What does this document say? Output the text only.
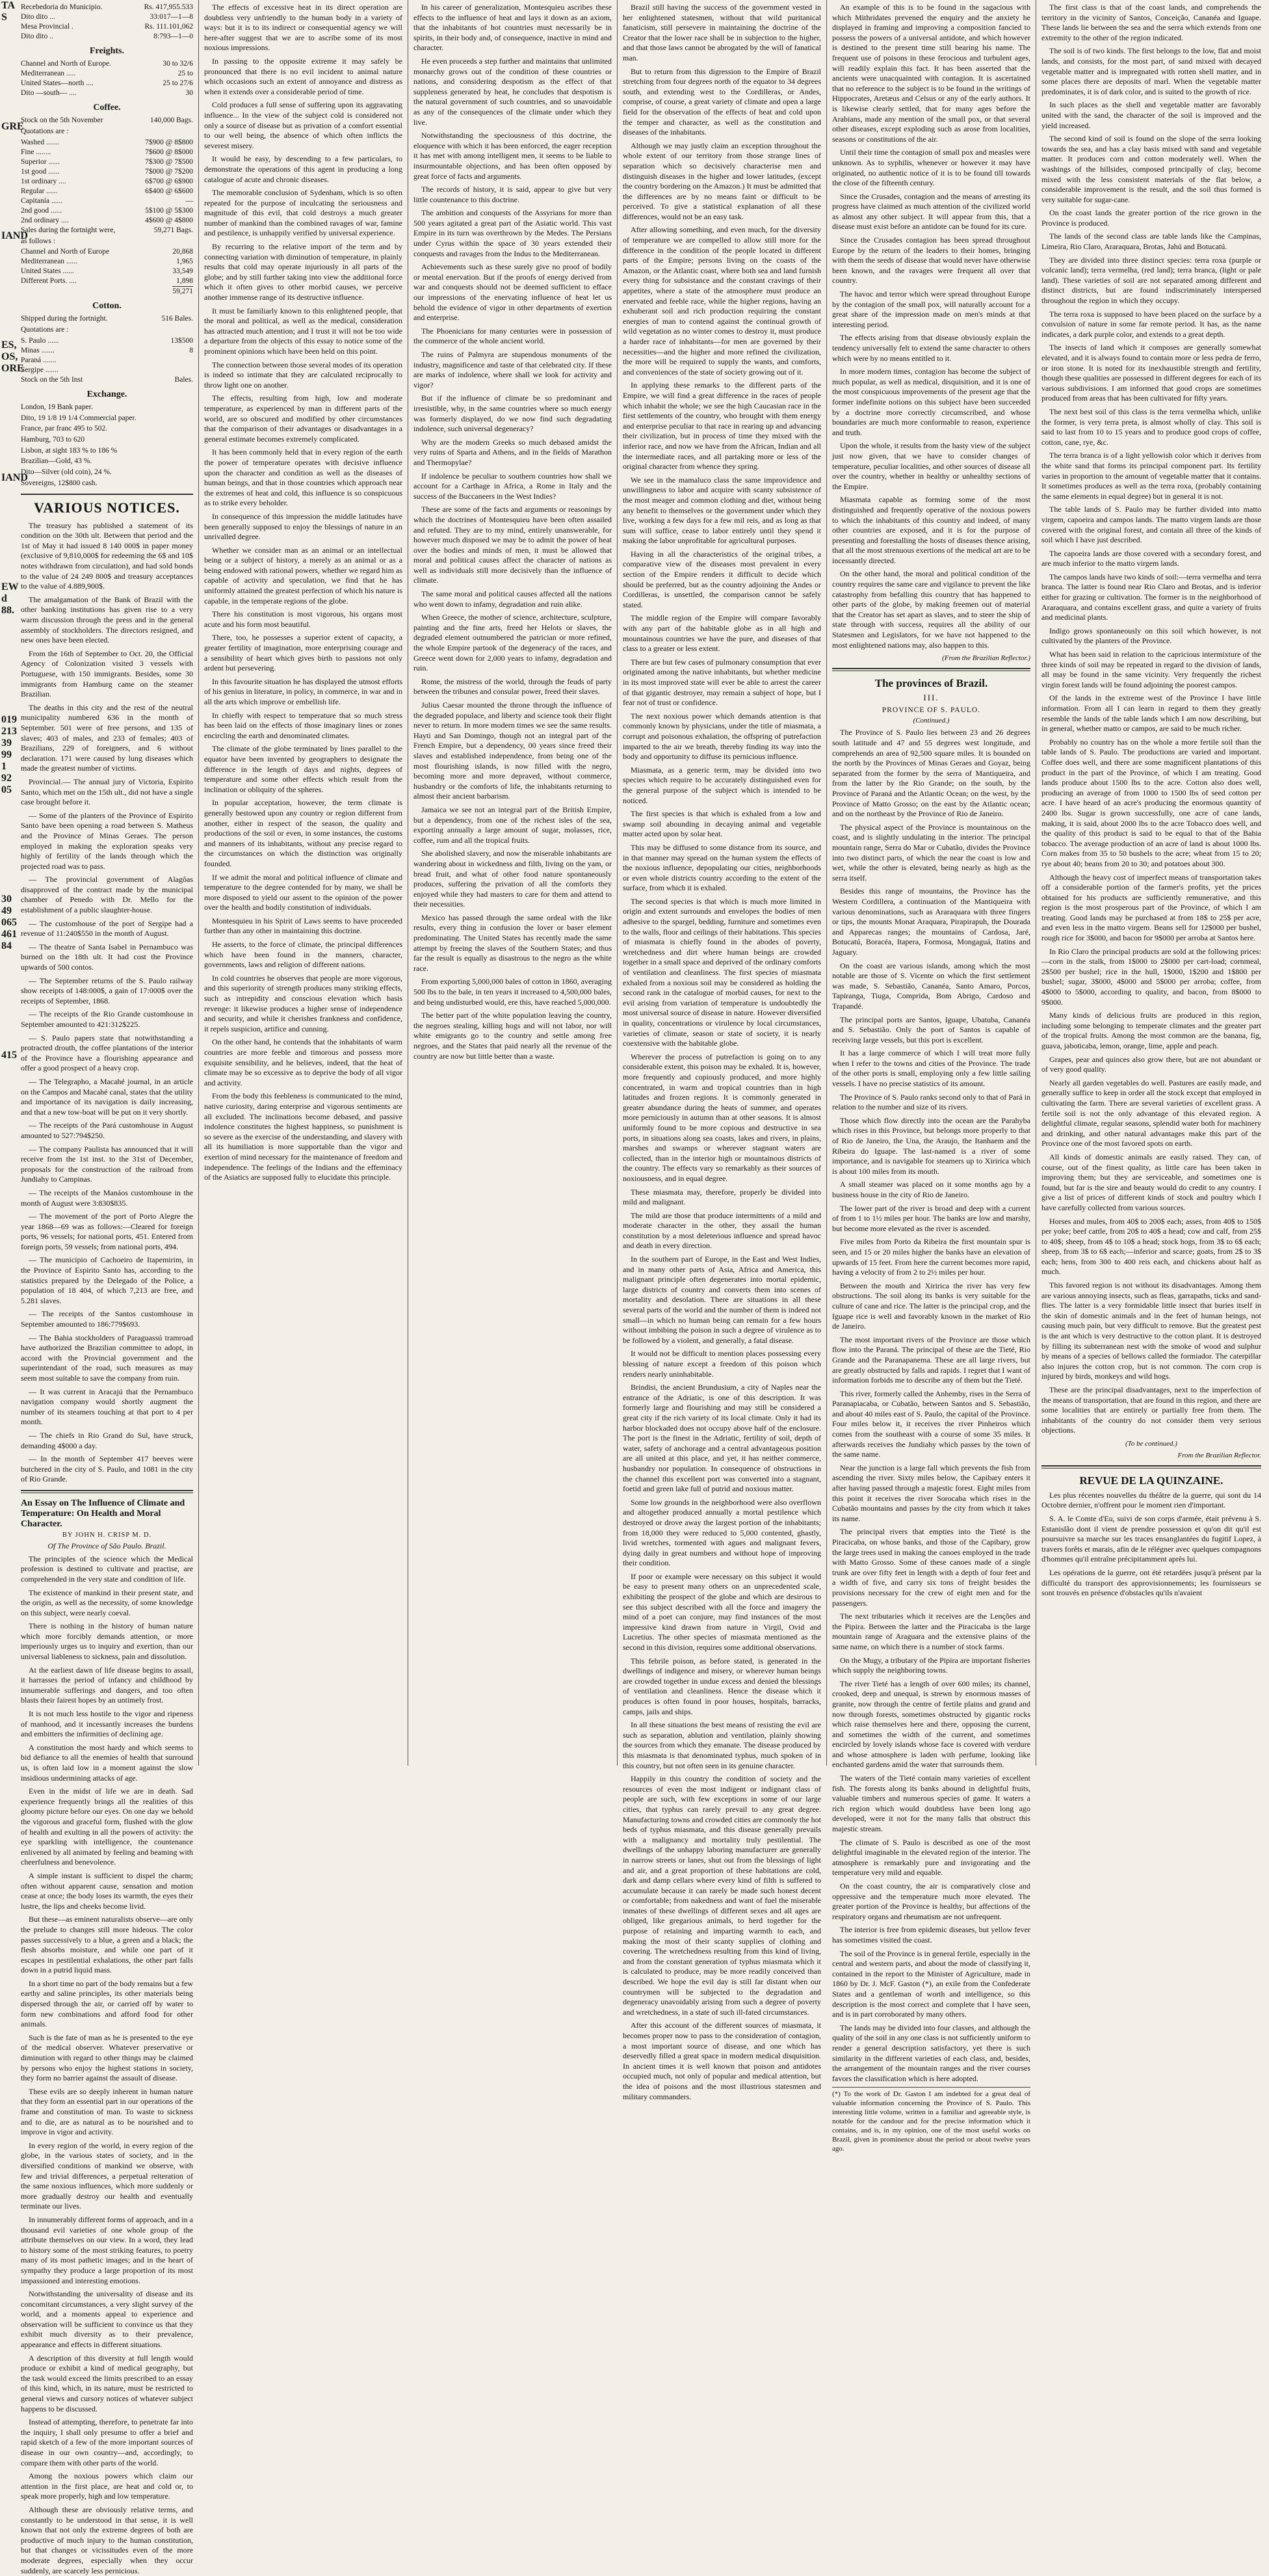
TA
S
GRE
IAND
ES,
OS,
ORE
IAND
EW
d
88.
019
213
39
99
1
92
05
30
49
065
461
84
415
Recebedoria do Municipio.	Rs. 417,955.533
Dito dito ...	33:017—1—8
Mesa Provincial .	Rs. 111.101,062
Dito dito ..	8:793—1—0
Freights.
Channel and North of Europe.	30 to 32/6
Mediterranean .....	25 to
United States—north ....	25 to 27/6
Dito —south— ....	30
Coffee.
Stock on the 5th November	140,000 Bags.
Quotations are :
Washed .......	7$900 @ 8$800
Fine ........	7$600 @ 8$000
Superior ......	7$300 @ 7$500
1st good ......	7$000 @ 7$200
1st ordinary ....	6$700 @ 6$900
Regular ......	6$400 @ 6$600
Capitanía ......	—
2nd good ......	5$100 @ 5$300
2nd ordinary ....	4$600 @ 4$800
Sales during the fortnight were,	59,271 Bags.
as follows :
Channel and North of Europe	20,868
Mediterranean ......	1,965
United States ......	33,549
Different Ports. ....	1,898
59,271
Cotton.
Shipped during the fortnight.	516 Bales.
Quotations are :
S. Paulo ......	13$500
Minas .......	8
Paraná .......
Sergipe .......
Stock on the 5th Inst	Bales.
Exchange.
London, 19 Bank paper.
Dito, 19 1/8 19 1/4 Commercial paper.
France, par franc 495 to 502.
Hamburg, 703 to 620
Lisbon, at sight 183 % to 186 %
Brazilian—Gold, 43 %.
Dito—Silver (old coin), 24 %.
Sovereigns, 12$800 cash.
VARIOUS NOTICES.

The treasury has published a statement of its condition on the 30th ult. Between that period and the 1st of May it had issued 8 140 000$ in paper money (exclusive of 9,810,000$ for redeeming the 6$ and 10$ notes withdrawn from circulation), and had sold bonds to the value of 24 249 800$ and treasury acceptances to the value of 4.889,900$.

The amalgamation of the Bank of Brazil with the other banking institutions has given rise to a very warm discussion through the press and in the general assembly of stockholders. The directors resigned, and new ones have been elected.

From the 16th of September to Oct. 20, the Official Agency of Colonization visited 3 vessels with Portuguese, with 150 immigrants. Besides, some 30 immigrants from Hamburg came on the steamer Brazilian.

The deaths in this city and the rest of the neutral municipality numbered 636 in the month of September. 501 were of free persons, and 135 of slaves; 403 of males, and 233 of females; 403 of Brazilians, 229 of foreigners, and 6 without declaration. 171 were caused by lung diseases which made the greatest number of victims.

Provincial.— The annual jury of Victoria, Espirito Santo, which met on the 15th ult., did not have a single case brought before it.

— Some of the planters of the Province of Espirito Santo have been opening a road between S. Matheus and the Province of Minas Geraes. The person employed in making the exploration speaks very highly of fertility of the lands through which the projected road was to pass.

— The provincial government of Alagôas disapproved of the contract made by the municipal chamber of Penedo with Dr. Mello for the establishment of a public slaughter-house.

— The customhouse of the port of Sergipe had a revenue of 11:240$550 in the month of August.

— The theatre of Santa Isabel in Pernambuco was burned on the 18th ult. It had cost the Province upwards of 500 contos.

— The September returns of the S. Paulo railway show receipts of 148:000$, a gain of 17:000$ over the receipts of September, 1868.

— The receipts of the Rio Grande customhouse in September amounted to 421:312$225.

— S. Paulo papers state that notwithstanding a protracted drouth, the coffee plantations of the interior of the Province have a flourishing appearance and offer a good prospect of a heavy crop.

— The Telegrapho, a Macahé journal, in an article on the Campos and Macahé canal, states that the utility and importance of its navigation is daily increasing, and that a new tow-boat will be put on it very shortly.

— The receipts of the Pará customhouse in August amounted to 527:794$250.

— The company Paulista has announced that it will receive from the 1st inst. to the 31st of December, proposals for the construction of the railroad from Jundiahy to Campinas.

— The receipts of the Manáos customhouse in the month of August were 3:830$835.

— The movement of the port of Porto Alegre the year 1868—69 was as follows:—Cleared for foreign ports, 96 vessels; for national ports, 451. Entered from foreign ports, 59 vessels; from national ports, 494.

— The municipio of Cachoeiro de Itapemirim, in the Province of Espirito Santo has, according to the statistics prepared by the Delegado of the Police, a population of 18 404, of which 7,213 are free, and 5.281 slaves.

— The receipts of the Santos customhouse in September amounted to 186:779$693.

— The Bahia stockholders of Paraguassú tramroad have authorized the Brazilian committee to adopt, in accord with the Provincial government and the superintendant of the road, such measures as may seem most suitable to save the company from ruin.

— It was current in Aracajú that the Pernambuco navigation company would shortly augment the number of its steamers touching at that port to 4 per month.

— The chiefs in Rio Grand do Sul, have struck, demanding 4$000 a day.

— In the month of September 417 beeves were butchered in the city of S. Paulo, and 1081 in the city of Rio Grande.

An Essay on The Influence of Climate and Temperature: On Health and Moral Character.
BY JOHN H. CRISP M. D.
Of The Province of São Paulo. Brazil.

The principles of the science which the Medical profession is destined to cultivate and practise, are comprehended in the very state and condition of life.

The existence of mankind in their present state, and the origin, as well as the necessity, of some knowledge on this subject, were nearly coeval.

There is nothing in the history of human nature which more forcibly demands attention, or more imperiously urges us to inquiry and exertion, than our universal liableness to sickness, pain and dissolution.

At the earliest dawn of life disease begins to assail, it harrasses the period of infancy and childhood by innumerable sufferings and dangers, and too often blasts their fairest hopes by an untimely frost.

It is not much less hostile to the vigor and ripeness of manhood, and it incessantly increases the burdens and embitters the infirmities of declining age.

A constitution the most hardy and which seems to bid defiance to all the enemies of health that surround us, is often laid low in a moment against the slow insidious undermining attacks of age.

Even in the midst of life we are in death. Sad experience frequently brings all the realities of this gloomy picture before our eyes. On one day we behold the vigorous and graceful form, flushed with the glow of health and exulting in all the powers of activity: the eye sparkling with intelligence, the countenance enlivened by all animated by feeling and beaming with cheerfulness and benevolence.

A simple instant is sufficient to dispel the charm; often without apparent cause, sensation and motion cease at once; the body loses its warmth, the eyes their lustre, the lips and cheeks become livid.

But these—as eminent naturalists observe—are only the prelude to changes still more hideous. The color passes successively to a blue, a green and a black; the flesh absorbs moisture, and while one part of it escapes in pestilential exhalations, the other part falls down in a putrid liquid mass.

In a short time no part of the body remains but a few earthy and saline principles, its other materials being dispersed through the air, or carried off by water to form new combinations and afford food for other animals.

Such is the fate of man as he is presented to the eye of the medical observer. Whatever preservative or diminution with regard to other things may be claimed by persons who enjoy the highest stations in society, they form no barrier against the assault of disease.

These evils are so deeply inherent in human nature that they form an essential part in our operations of the frame and constitution of man. To waste to sickness and to die, are as natural as to be nourished and to improve in vigor and activity.

In every region of the world, in every region of the globe, in the various states of society, and in the diversified conditions of mankind we observe, with few and trivial differences, a perpetual reiteration of the same noxious influences, which more suddenly or more gradually destroy our health and eventually terminate our lives.

In innumerably different forms of approach, and in a thousand evil varieties of one whole group of the attribute themselves on our view. In a word, they lead to history some of the most striking features, to poetry many of its most pathetic images; and in the heart of sympathy they produce a large proportion of its most impassioned and interesting emotions.

Notwithstanding the universality of disease and its concomitant circumstances, a very slight survey of the world, and a moments appeal to experience and observation will be sufficient to convince us that they exhibit much diversity as to their prevalence, appearance and effects in different situations.

A description of this diversity at full length would produce or exhibit a kind of medical geography, but the task would exceed the limits prescribed to an essay of this kind, which, in its nature, must be restricted to general views and cursory notices of whatever subject happens to be discussed.

Instead of attempting, therefore, to penetrate far into the inquiry, I shall only presume to offer a brief and rapid sketch of a few of the more important sources of disease in our own country—and, accordingly, to compare them with other parts of the world.

Among the noxious powers which claim our attention in the first place, are heat and cold or, to speak more properly, high and low temperature.

Although these are obviously relative terms, and constantly to be understood in that sense, it is well known that not only the extreme degrees of both are productive of much injury to the human constitution, but that changes or vicissitudes even of the more moderate degrees, especially when they occur suddenly, are scarcely less pernicious.

The effects of excessive heat in its direct operation are doubtless very unfriendly to the human body in a variety of ways: but it is to its indirect or consequential agency we will here-after suggest that we are to ascribe some of its most noxious impressions.

In passing to the opposite extreme it may safely be pronounced that there is no evil incident to animal nature which occasions such an extent of annoyance and distress as when it extends over a considerable period of time.

Cold produces a full sense of suffering upon its aggravating influence... In the view of the subject cold is considered not only a source of disease but as privation of a comfort essential to our well being, the absence of which often inflicts the severest misery.

It would be easy, by descending to a few particulars, to demonstrate the operations of this agent in producing a long catalogue of acute and chronic diseases.

The memorable conclusion of Sydenham, which is so often repeated for the purpose of inculcating the seriousness and magnitude of this evil, that cold destroys a much greater number of mankind than the combined ravages of war, famine and pestilence, is unhappily verified by universal experience.

By recurring to the relative import of the term and by connecting variation with diminution of temperature, in plainly results that cold may operate injuriously in all parts of the globe; and by still further taking into view the additional force which it often gives to other morbid causes, we perceive another immense range of its destructive influence.

It must be familiarly known to this enlightened people, that the moral and political, as well as the medical, consideration has attracted much attention; and I trust it will not be too wide a departure from the objects of this essay to notice some of the prominent opinions which have been held on this point.

The connection between those several modes of its operation is indeed so intimate that they are calculated reciprocally to throw light one on another.

The effects, resulting from high, low and moderate temperature, as experienced by man in different parts of the world, are so obscured and modified by other circumstances that the comparison of their advantages or disadvantages in a general estimate becomes extremely complicated.

It has been commonly held that in every region of the earth the power of temperature operates with decisive influence upon the character and condition as well as the diseases of human beings, and that in those countries which approach near the extremes of heat and cold, this influence is so conspicuous as to strike every beholder.

In consequence of this impression the middle latitudes have been generally supposed to enjoy the blessings of nature in an unrivalled degree.

Whether we consider man as an animal or an intellectual being or a subject of history, a merely as an animal or as a being endowed with rational powers, whether we regard him as capable of activity and speculation, we find that he has uniformly attained the greatest perfection of which his nature is capable, in the temperate regions of the globe.

There his constitution is most vigorous, his organs most acute and his form most beautiful.

There, too, he possesses a superior extent of capacity, a greater fertility of imagination, more enterprising courage and a sensibility of heart which gives birth to passions not only ardent but persevering.

In this favourite situation he has displayed the utmost efforts of his genius in literature, in policy, in commerce, in war and in all the arts which improve or embellish life.

In chiefly with respect to temperature that so much stress has been laid on the effects of those imaginary lines or zones encircling the earth and denominated climates.

The climate of the globe terminated by lines parallel to the equator have been invented by geographers to designate the difference in the length of days and nights, degrees of temperature and some other effects which result from the inclination or obliquity of the spheres.

In popular acceptation, however, the term climate is generally bestowed upon any country or region different from another, either in respect of the season, the quality and productions of the soil or even, in some instances, the customs and manners of its inhabitants, without any precise regard to the circumstances on which the distinction was originally founded.

If we admit the moral and political influence of climate and temperature to the degree contended for by many, we shall be more disposed to yield our assent to the opinion of the power over the health and bodily constitution of individuals.

Montesquieu in his Spirit of Laws seems to have proceeded further than any other in maintaining this doctrine.

He asserts, to the force of climate, the principal differences which have been found in the manners, character, governments, laws and religion of different nations.

In cold countries he observes that people are more vigorous, and this superiority of strength produces many striking effects, such as intrepidity and conscious elevation which basis revenge: it likewise produces a higher sense of independence and security, and while it cherishes frankness and confidence, it repels suspicion, artifice and cunning.

On the other hand, he contends that the inhabitants of warm countries are more feeble and timorous and possess more exquisite sensibility, and he believes, indeed, that the heat of climate may be so excessive as to deprive the body of all vigor and activity.

From the body this feebleness is communicated to the mind, native curiosity, daring enterprise and vigorous sentiments are all excluded. The inclinations become debased, and passive indolence constitutes the highest happiness, so punishment is so severe as the exercise of the understanding, and slavery with all its humiliation is more supportable than the vigor and exertion of mind necessary for the maintenance of freedom and independence. The feelings of the Indians and the effeminacy of the Asiatics are supposed fully to elucidate this principle.

In his career of generalization, Montesquieu ascribes these effects to the influence of heat and lays it down as an axiom, that the inhabitants of hot countries must necessarily be in spirits, in their body and, of consequence, inactive in mind and character.

He even proceeds a step further and maintains that unlimited monarchy grows out of the condition of these countries or nations, and considering despotism as the effect of that suppleness generated by heat, he concludes that despotism is the natural government of such countries, and so unavoidable as any of the consequences of the climate under which they live.

Notwithstanding the speciousness of this doctrine, the eloquence with which it has been enforced, the eager reception it has met with among intelligent men, it seems to be liable to insurmountable objections, and has been often opposed by great force of facts and arguments.

The records of history, it is said, appear to give but very little countenance to this doctrine.

The ambition and conquests of the Assyrians for more than 500 years agitated a great part of the Asiatic world. This vast Empire in its turn was overthrown by the Medes. The Persians under Cyrus within the space of 30 years extended their conquests and ravages from the Indus to the Mediterranean.

Achievements such as these surely give no proof of bodily or mental enervation. But if the proofs of energy derived from war and conquests should not be deemed sufficient to efface our impressions of the enervating influence of heat let us behold the evidence of vigor in other departments of exertion and enterprise.

The Phoenicians for many centuries were in possession of the commerce of the whole ancient world.

The ruins of Palmyra are stupendous monuments of the industry, magnificence and taste of that celebrated city. If these are marks of indolence, where shall we look for activity and vigor?

But if the influence of climate be so predominant and irresistible, why, in the same countries where so much energy was formerly displayed, do we now find such degradating indolence, such universal degeneracy?

Why are the modern Greeks so much debased amidst the very ruins of Sparta and Athens, and in the fields of Marathon and Thermopylae?

If indolence be peculiar to southern countries how shall we account for a Carthage in Africa, a Rome in Italy and the success of the Buccaneers in the West Indies?

These are some of the facts and arguments or reasonings by which the doctrines of Montesquieu have been often assailed and refuted. They are to my mind, entirely unanswerable, for however much disposed we may be to admit the power of heat over the bodies and minds of men, it must be allowed that moral and political causes affect the character of nations as well as individuals still more decisively than the influence of climate.

The same moral and political causes affected all the nations who went down to infamy, degradation and ruin alike.

When Greece, the mother of science, architecture, sculpture, painting and the fine arts, freed her Helots or slaves, the degraded element outnumbered the patrician or more refined, the whole Empire partook of the degeneracy of the races, and Greece went down for 2,000 years to infamy, degradation and ruin.

Rome, the mistress of the world, through the feuds of party between the tribunes and consular power, freed their slaves.

Julius Caesar mounted the throne through the influence of the degraded populace, and liberty and science took their flight never to return. In more modern times we see the same results. Hayti and San Domingo, though not an integral part of the French Empire, but a dependency, 00 years since freed their slaves and established independence, from being one of the most flourishing islands, is now filled with the negro, becoming more and more depraved, without commerce, husbandry or the comforts of life, the inhabitants returning to almost their ancient barbarism.

Jamaica we see not an integral part of the British Empire, but a dependency, from one of the richest isles of the sea, exporting annually a large amount of sugar, molasses, rice, coffee, rum and all the tropical fruits.

She abolished slavery, and now the miserable inhabitants are wandering about in wickedness and filth, living on the yam, or bread fruit, and what of other food nature spontaneously produces, suffering the privation of all the comforts they enjoyed while they had masters to care for them and attend to their necessities.

Mexico has passed through the same ordeal with the like results, every thing in confusion the lover or baser element predominating. The United States has recently made the same attempt by freeing the slaves of the Southern States; and thus far the result is equally as disastrous to the negro as the white race.

From exporting 5,000,000 bales of cotton in 1860, averaging 500 lbs to the bale, in ten years it increased to 4,500,000 bales, and being undisturbed would, ere this, have reached 5,000,000.

The better part of the white population leaving the country, the negroes stealing, killing hogs and will not labor, nor will white emigrants go to the country and settle among free negroes, and the States that paid nearly all the revenue of the country are now but little better than a waste.

Brazil still having the success of the government vested in her enlightened statesmen, without that wild puritanical fanaticism, still persevere in maintaining the doctrine of the Creator that the lower race shall be in subjection to the higher, and that those laws cannot be abrogated by the will of fanatical man.

But to return from this digression to the Empire of Brazil stretching from four degrees north of the equator to 34 degrees south, and extending west to the Cordilleras, or Andes, comprise, of course, a great variety of climate and open a large field for the observation of the effects of heat and cold upon the temper and character, as well as the constitution and diseases of the inhabitants.

Although we may justly claim an exception throughout the whole extent of our territory from those strange lines of separation which so decisively characterise men and distinguish diseases in the higher and lower latitudes, (except the country bordering on the Amazon.) It must be admitted that the differences are by no means faint or difficult to be perceived. To give a statistical explanation of all these differences, would not be an easy task.

After allowing something, and even much, for the diversity of temperature we are compelled to allow still more for the difference in the condition of the people located in different parts of the Empire; persons living on the coasts of the Amazon, or the Atlantic coast, where both sea and land furnish every thing for subsistance and the constant cravings of their appetites, where a state of the atmosphere must produce an enervated and feeble race, while the higher regions, having an exhuberant soil and rich production requiring the constant energies of man to contend against the continual growth of wild vegetation as no winter comes to destroy it, must produce a harder race of inhabitants—for men are governed by their necessities—and the higher and more refined the civilization, the more will be required to supply the wants, and comforts, and conveniences of the state of society growing out of it.

In applying these remarks to the different parts of the Empire, we will find a great difference in the races of people which inhabit the whole; we see the high Caucasian race in the first settlements of the country, who brought with them energy and enterprise peculiar to that race in rearing up and advancing their civilization, but in process of time they mixed with the inferior race, and now we have from the African, Indian and all the intermediate races, and all partaking more or less of the original character from whence they spring.

We see in the mamaluco class the same improvidence and unwillingness to labor and acquire with scanty subsistence of the most meager and common clothing and diet, without being any benefit to themselves or the government under which they live, working a few days for a few mil reis, and as long as that sum will suffice, cease to labor entirely until they spend it making the labor unprofitable for agricultural purposes.

Having in all the characteristics of the original tribes, a comparative view of the diseases most prevalent in every section of the Empire renders it difficult to decide which should be preferred, but as the country adjoining the Andes or Cordilleras, is unsettled, the comparison cannot be safely stated.

The middle region of the Empire will compare favorably with any part of the habitable globe as in all high and mountainous countries we have the pure, and diseases of that class to a greater or less extent.

There are but few cases of pulmonary consumption that ever originated among the native inhabitants, but whether medicine in its most improved state will ever be able to arrest the career of that gigantic destroyer, may remain a subject of hope, but I fear not of trust or confidence.

The next noxious power which demands attention is that commonly known by physicians, under the title of miasmata, a corrupt and poisonous exhalation, the offspring of putrefaction imparted to the air we breath, thereby finding its way into the body and opportunity to diffuse its pernicious influence.

Miasmata, as a generic term, may be divided into two species which require to be accurately distinguished even for the general purpose of the subject which is intended to be noticed.

The first species is that which is exhaled from a low and swamp soil abounding in decaying animal and vegetable matter acted upon by solar heat.

This may be diffused to some distance from its source, and in that manner may spread on the human system the effects of the noxious influence, depopulating our cities, neighborhoods or even whole districts country according to the extent of the surface, from which it is exhaled.

The second species is that which is much more limited in origin and extent surrounds and envelopes the bodies of men adhesive to the spargel, bedding, furniture and sometimes even to the walls, floor and ceilings of their habitations. This species of miasmata is chiefly found in the abodes of poverty, wretchedness and dirt where human beings are crowded together in a small space and deprived of the ordinary comforts of ventilation and cleanliness. The first species of miasmata exhaled from a noxious soil may be considered as holding the second rank in the catalogue of morbid causes, for next to the evil arising from variation of temperature is undoubtedly the most universal source of disease in nature. However diversified in quality, concentrations or virulence by local circumstances, varieties of climate, season or state of society, it is nearly coextensive with the habitable globe.

Wherever the process of putrefaction is going on to any considerable extent, this poison may be exhaled. It is, however, more frequently and copiously produced, and more highly concentrated, in warm and tropical countries than in high latitudes and frozen regions. It is commonly generated in greater abundance during the heats of summer, and operates more perniciously in autumn than at other seasons. It is almost uniformly found to be more copious and destructive in sea ports, in situations along sea coasts, lakes and rivers, in plains, marshes and swamps or wherever stagnant waters are collected, than in the interior high or mountainous districts of the country. The effects vary so remarkably as their sources of noxiousness, and in equal degree.

These miasmata may, therefore, properly be divided into mild and malignant.

The mild are those that produce intermittents of a mild and moderate character in the other, they assail the human constitution by a most deleterious influence and spread havoc and death in every direction.

In the southern part of Europe, in the East and West Indies, and in many other parts of Asia, Africa and America, this malignant principle often degenerates into mortal epidemic, large districts of country and converts them into scenes of mortality and desolation. There are situations in all these several parts of the world and the number of them is indeed not small—in which no human being can remain for a few hours without imbibing the poison in such a degree of virulence as to be followed by a violent, and generally, a fatal disease.

It would not be difficult to mention places possessing every blessing of nature except a freedom of this poison which renders nearly uninhabitable.

Brindisi, the ancient Brundusium, a city of Naples near the entrance of the Adriatic, is one of this description. It was formerly large and flourishing and may still be considered a great city if the rich variety of its local climate. Only it had its harbor blockaded does not occupy above half of the enclosure. The port is the finest in the Adriatic, fertility of soil, depth of water, safety of anchorage and a central advantageous position are all united at this place, and yet, it has neither commerce, husbandry nor population. In consequence of obstructions in the channel this excellent port was converted into a stagnant, foetid and green lake full of putrid and noxious matter.

Some low grounds in the neighborhood were also overflown and altogether produced annually a mortal pestilence which destroyed or drove away the largest portion of the inhabitants; from 18,000 they were reduced to 5,000 contented, ghastly, livid wretches, tormented with agues and malignant fevers, dying daily in great numbers and without hope of improving their condition.

If poor or example were necessary on this subject it would be easy to present many others on an unprecedented scale, exhibiting the prospect of the globe and which are desirous to see this subject described with all the force and imagery the mind of a poet can conjure, may find instances of the most impressive kind drawn from nature in Virgil, Ovid and Lucretius. The other species of miasmata mentioned as the second in this division, requires some additional observations.

This febrile poison, as before stated, is generated in the dwellings of indigence and misery, or wherever human beings are crowded together in undue excess and denied the blessings of ventilation and cleanliness. Hence the disease which it produces is often found in poor houses, hospitals, barracks, camps, jails and ships.

In all these situations the best means of resisting the evil are such as separation, ablution and ventilation, plainly showing the sources from which they emanate. The disease produced by this miasmata is that denominated typhus, much spoken of in this country, but not often seen in its genuine character.

Happily in this country the condition of society and the resources of even the most indigent or indignant class of people are such, with few exceptions in some of our large cities, that typhus can rarely prevail to any great degree. Manufacturing towns and crowded cities are commonly the hot beds of typhus miasmata, and this disease generally prevails with a malignancy and mortality truly pestilential. The dwellings of the unhappy laboring manufacturer are generally in narrow streets or lanes, shut out from the blessings of light and air, and a great proportion of these habitations are cold, dark and damp cellars where every kind of filth is suffered to accumulate because it can rarely be made such honest decent or comfortable; from nakedness and want of fuel the miserable inmates of these dwellings of different sexes and all ages are obliged, like gregarious animals, to herd together for the purpose of retaining and imparting warmth to each, and making the most of their scanty supplies of clothing and covering. The wretchedness resulting from this kind of living, and from the constant generation of typhus miasmata which it is calculated to produce, may be more readily conceived than described. We hope the evil day is still far distant when our countrymen will be subjected to the degradation and degeneracy unavoidably arising from such a degree of poverty and wretchedness, in a state of such ill-fated circumstances.

After this account of the different sources of miasmata, it becomes proper now to pass to the consideration of contagion, a most important source of disease, and one which has deservedly filled a great space in modern medical disquisition. In ancient times it is well known that poison and antidotes occupied much, not only of popular and medical attention, but the idea of poisons and the most illustrious statesmen and military commanders.

An example of this is to be found in the sagacious with which Mithridates prevened the enquiry and the anxiety he displayed in framing and improving a composition fancied to possess the powers of a universal antidote, and which however is destined to the present time still bearing his name. The frequent use of poisons in these ferocious and turbulent ages, will readily explain this fact. It has been asserted that the ancients were unacquainted with contagion. It is ascertained that no reference to the subject is to be found in the writings of Hippocrates, Aretæus and Celsus or any of the early authors. It is likewise clearly settled, that for many ages before the Arabians, made any mention of the small pox, or that several other diseases, except exploding such as arose from localities, seasons or constitutions of the air.

Until their time the contagion of small pox and measles were unknown. As to syphilis, whenever or however it may have originated, no authentic notice of it is to be found till towards the close of the fifteenth century.

Since the Crusades, contagion and the means of arresting its progress have claimed as much attention of the civilized world as almost any other subject. It will appear from this, that a disease must exist before an antidote can be found for its cure.

Since the Crusades contagion has been spread throughout Europe by the return of the leaders to their homes, bringing with them the seeds of disease that would never have otherwise been known, and the ravages were frequent all over that country.

The havoc and terror which were spread throughout Europe by the contagion of the small pox, will naturally account for a great share of the impression made on men's minds at that interesting period.

The effects arising from that disease obviously explain the tendency universally felt to extend the same character to others which were by no means entitled to it.

In more modern times, contagion has become the subject of much popular, as well as medical, disquisition, and it is one of the most conspicuous improvements of the present age that the former indefinite notions on this subject have been succeeded by a doctrine more correctly circumscribed, and whose boundaries are much more conformable to reason, experience and truth.

Upon the whole, it results from the hasty view of the subject just now given, that we have to consider changes of temperature, peculiar localities, and other sources of disease all over the country, whether in healthy or unhealthy sections of the Empire.

Miasmata capable as forming some of the most distinguished and frequently operative of the noxious powers to which the inhabitants of this country and indeed, of many other countries are exposed, and it is for the purpose of presenting and forestalling the hosts of diseases thence arising, that all the most strenuous exertions of the medical art are to be incessantly directed.

On the other hand, the moral and political condition of the country requires the same care and vigilance to prevent the like catastrophy from befalling this country that has happened to other parts of the globe, by making freemen out of material that the Creator has set apart as slaves, and to steer the ship of state through with success, requires all the ability of our Statesmen and Legislators, for we have not happened to the most enlightened nations may, also happen to this.

(From the Brazilian Reflector.)
The provinces of Brazil.
III.
PROVINCE OF S. PAULO.
(Continued.)

The Province of S. Paulo lies between 23 and 26 degrees south latitude and 47 and 55 degrees west longitude, and comprehends an area of 92,500 square miles. It is bounded on the north by the Provinces of Minas Geraes and Goyaz, being separated from the former by the serra of Mantiqueira, and from the latter by the Rio Grande; on the south, by the Province of Paraná and the Atlantic Ocean; on the west, by the Province of Matto Grosso; on the east by the Atlantic ocean; and on the northeast by the Province of Rio de Janeiro.

The physical aspect of the Province is mountainous on the coast, and is slightly undulating in the interior. The principal mountain range, Serra do Mar or Cubatão, divides the Province into two distinct parts, of which the near the coast is low and wet, while the other is elevated, being nearly as high as the serra itself.

Besides this range of mountains, the Province has the Western Cordillera, a continuation of the Mantiqueira with various denominations, such as Araraquara with three fingers or tips, the mounts Monat Araquara, Pirapirapuh, the Dourada and Apparecas ranges; the mountains of Cardosa, Jaré, Botucatú, Boracéa, Itapera, Formosa, Mongaguá, Itatins and Jaguary.

On the coast are various islands, among which the most notable are those of S. Vicente on which the first settlement was made, S. Sebastião, Cananéa, Santo Amaro, Porcos, Tapiranga, Tiuga, Comprida, Bom Abrigo, Cardoso and Trapandé.

The principal ports are Santos, Iguape, Ubatuba, Cananéa and S. Sebastião. Only the port of Santos is capable of receiving large vessels, but this port is excellent.

It has a large commerce of which I will treat more fully when I refer to the towns and cities of the Province. The trade of the other ports is small, employing only a few little sailing vessels. I have no precise statistics of its amount.

The Province of S. Paulo ranks second only to that of Pará in relation to the number and size of its rivers.

Those which flow directly into the ocean are the Parahyba which rises in this Province, but belongs more properly to that of Rio de Janeiro, the Una, the Araujo, the Itanhaem and the Ribeira do Iguape. The last-named is a river of some importance, and is navigable for steamers up to Xiririca which is about 100 miles from its mouth.

A small steamer was placed on it some months ago by a business house in the city of Rio de Janeiro.

The lower part of the river is broad and deep with a current of from 1 to 1½ miles per hour. The banks are low and marshy, but become more elevated as the river is ascended.

Five miles from Porto da Ribeira the first mountain spur is seen, and 15 or 20 miles higher the banks have an elevation of upwards of 15 feet. From here the current becomes more rapid, having a velocity of from 2 to 2½ miles per hour.

Between the mouth and Xiririca the river has very few obstructions. The soil along its banks is very suitable for the culture of cane and rice. The latter is the principal crop, and the Iguape rice is well and favorably known in the market of Rio de Janeiro.

The most important rivers of the Province are those which flow into the Paraná. The principal of these are the Tieté, Rio Grande and the Paranapanema. These are all large rivers, but are greatly obstructed by falls and rapids. I regret that I want of information forbids me to describe any of them but the Tieté.

This river, formerly called the Anhemby, rises in the Serra of Paranapiacaba, or Cubatão, between Santos and S. Sebastião, and about 40 miles east of S. Paulo, the capital of the Province. Four miles below it, it receives the river Pinheiros which comes from the southeast with a course of some 35 miles. It afterwards receives the Jundiahy which passes by the town of the same name.

Near the junction is a large fall which prevents the fish from ascending the river. Sixty miles below, the Capibary enters it after having passed through a majestic forest. Eight miles from this point it receives the river Sorocaba which rises in the Cubatão mountains and passes by the city from which it takes its name.

The principal rivers that empties into the Tieté is the Piracicaba, on whose banks, and those of the Capibary, grow the large trees used in making the canoes employed in the trade with Matto Grosso. Some of these canoes made of a single trunk are over fifty feet in length with a depth of four feet and a width of five, and carry six tons of freight besides the provisions necessary for the crew of eight men and for the passengers.

The next tributaries which it receives are the Lenções and the Pipira. Between the latter and the Piracicaba is the large mountain range of Araguara and the extensive plains of the same name, on which there is a number of stock farms.

On the Mugy, a tributary of the Pipira are important fisheries which supply the neighboring towns.

The river Tieté has a length of over 600 miles; its channel, crooked, deep and unequal, is strewn by enormous masses of granite, now through the centre of fertile plains and grand and now through forests, sometimes obstructed by gigantic rocks which raise themselves here and there, opposing the current, and sometimes the width of the current, and sometimes encircled by lovely islands whose face is covered with verdure and whose atmosphere is laden with perfume, looking like enchanted gardens amid the water that surrounds them.

The waters of the Tieté contain many varieties of excellent fish. The forests along its banks abound in delightful fruits, valuable timbers and numerous species of game. It waters a rich region which would doubtless have been long ago developed, were it not for the many falls that obstruct this majestic stream.

The climate of S. Paulo is described as one of the most delightful imaginable in the elevated region of the interior. The atmosphere is remarkably pure and invigorating and the temperature very mild and equable.

On the coast country, the air is comparatively close and oppressive and the temperature much more elevated. The greater portion of the Province is healthy, but affections of the respiratory organs and rheumatism are not unfrequent.

The interior is free from epidemic diseases, but yellow fever has sometimes visited the coast.

The soil of the Province is in general fertile, especially in the central and western parts, and about the mode of classifying it, contained in the report to the Minister of Agriculture, made in 1860 by Dr. J. McF. Gaston (*), an exile from the Confederate States and a gentleman of worth and intelligence, so this description is the most correct and complete that I have seen, and is in part corroborated by many others.

The lands may be divided into four classes, and although the quality of the soil in any one class is not sufficiently uniform to render a general description satisfactory, yet there is such similarity in the different varieties of each class, and, besides, the arrangement of the mountain ranges and the river courses favors the classification which is here adopted.

(*) To the work of Dr. Gaston I am indebted for a great deal of valuable information concerning the Province of S. Paulo. This interesting little volume, written in a familiar and agreeable style, is notable for the candour and for the precise information which it contains, and is, in my opinion, one of the most useful works on Brazil, given in prominence about the period or about twelve years ago.

The first class is that of the coast lands, and comprehends the territory in the vicinity of Santos, Conceição, Cananéa and Iguape. These lands lie between the sea and the serra which extends from one extremity to the other of the region indicated.

The soil is of two kinds. The first belongs to the low, flat and moist lands, and consists, for the most part, of sand mixed with decayed vegetable matter and is impregnated with rotten shell matter, and in some places there are deposits of marl. When the vegetable matter predominates, it is of dark color, and is suited to the growth of rice.

In such places as the shell and vegetable matter are favorably united with the sand, the character of the soil is improved and the yield increased.

The second kind of soil is found on the slope of the serra looking towards the sea, and has a clay basis mixed with sand and vegetable matter. It produces corn and cotton moderately well. When the washings of the hillsides, composed principally of clay, become mixed with the less consistent materials of the flat below, a considerable improvement is the result, and the soil thus formed is very suitable for sugar-cane.

On the coast lands the greater portion of the rice grown in the Province is produced.

The lands of the second class are table lands like the Campinas, Limeira, Rio Claro, Araraquara, Brotas, Jahú and Botucatú.

They are divided into three distinct species: terra roxa (purple or volcanic land); terra vermelha, (red land); terra branca, (light or pale land). These varieties of soil are not separated among different and distinct districts, but are found indiscriminately interspersed throughout the region in which they occupy.

The terra roxa is supposed to have been placed on the surface by a convulsion of nature in some far remote period. It has, as the name indicates, a dark purple color, and extends to a great depth.

The insects of land which it composes are generally somewhat elevated, and it is always found to contain more or less pedra de ferro, or iron stone. It is noted for its inexhaustible strength and fertility, though these qualities are possessed in different degrees for each of its various subdivisions. I am informed that good crops are sometimes produced from areas that has been cultivated for fifty years.

The next best soil of this class is the terra vermelha which, unlike the former, is very terra preta, is almost wholly of clay. This soil is said to last from 10 to 15 years and to produce good crops of coffee, cotton, cane, rye, &c.

The terra branca is of a light yellowish color which it derives from the white sand that forms its principal component part. Its fertility varies in proportion to the amount of vegetable matter that it contains. It sometimes produces as well as the terra roxa, (probably containing the same elements in equal degree) but in general it is not.

The table lands of S. Paulo may be further divided into matto virgem, capoeira and campos lands. The matto virgem lands are those covered with the original forest, and contain all three of the kinds of soil which I have just described.

The capoeira lands are those covered with a secondary forest, and are much inferior to the matto virgem lands.

The campos lands have two kinds of soil:—terra vermelha and terra branca. The latter is found near Rio Claro and Brotas, and is inferior either for grazing or cultivation. The former is in the neighborhood of Araraquara, and contains excellent grass, and quite a variety of fruits and medicinal plants.

Indigo grows spontaneously on this soil which however, is not cultivated by the planters of the Province.

What has been said in relation to the capricious intermixture of the three kinds of soil may be repeated in regard to the division of lands, all may be found in the same vicinity. Very frequently the richest virgin forest lands will be found adjoining the poorest campos.

Of the lands in the extreme west of the Province I have little information. From all I can learn in regard to them they greatly resemble the lands of the table lands which I am now describing, but in general, whether matto or campos, are said to be much richer.

Probably no country has on the whole a more fertile soil than the table lands of S. Paulo. The productions are varied and important. Coffee does well, and there are some magnificent plantations of this product in the part of the Province, of which I am treating. Good lands produce about 1500 lbs to the acre. Cotton also does well, producing an average of from 1000 to 1500 lbs of seed cotton per acre. I have heard of an acre's producing the enormous quantity of 2400 lbs. Sugar is grown successfully, one acre of cane lands, making, it is said, about 2000 lbs to the acre Tobacco does well, and the quality of this product is said to be equal to that of the Bahia tobacco. The average production of an acre of land is about 1000 lbs. Corn makes from 35 to 50 bushels to the acre; wheat from 15 to 20; rye about 40; beans from 20 to 30; and potatoes about 300.

Although the heavy cost of imperfect means of transportation takes off a considerable portion of the farmer's profits, yet the prices obtained for his products are sufficiently remunerative, and this region is the most prosperous part of the Province, of which I am treating. Good lands may be purchased at from 18$ to 25$ per acre, and even less in the matto virgem. Beans sell for 12$000 per bushel, rough rice for 3$000, and bacon for 9$000 per arroba at Santos here.

In Rio Claro the principal products are sold at the following prices:—corn in the stalk, from 1$000 to 2$000 per cart-load; cornmeal, 2$500 per bushel; rice in the hull, 1$000, 1$200 and 1$800 per bushel; sugar, 3$000, 4$000 and 5$000 per arroba; coffee, from 4$000 to 5$000, according to quality, and bacon, from 8$000 to 9$000.

Many kinds of delicious fruits are produced in this region, including some belonging to temperate climates and the greater part of the tropical fruits. Among the most common are the banana, fig, guava, jaboticaba, lemon, orange, lime, apple and peach.

Grapes, pear and quinces also grow there, but are not abundant or of very good quality.

Nearly all garden vegetables do well. Pastures are easily made, and generally suffice to keep in order all the stock except that employed in cultivating the farm. There are several varieties of excellent grass. A fertile soil is not the only advantage of this elevated region. A delightful climate, regular seasons, splendid water both for machinery and drinking, and other natural advantages make this part of the Province one of the most favored spots on earth.

All kinds of domestic animals are easily raised. They can, of course, out of the finest quality, as little care has been taken in improving them; but they are serviceable, and sometimes one is found, but far is the sire and beauty would do credit to any country. I give a list of prices of different kinds of stock and poultry which I have carefully collected from various sources.

Horses and mules, from 40$ to 200$ each; asses, from 40$ to 150$ per yoke; beef cattle, from 20$ to 40$ a head; cow and calf, from 25$ to 40$; sheep, from 4$ to 10$ a head; stock hogs, from 3$ to 6$ each; sheep, from 3$ to 6$ each;—inferior and scarce; goats, from 2$ to 3$ each; hens, from 300 to 400 reis each, and chickens about half as much.

This favored region is not without its disadvantages. Among them are various annoying insects, such as fleas, garrapaths, ticks and sand-flies. The latter is a very formidable little insect that buries itself in the skin of domestic animals and in the feet of human beings, not causing much pain, but very difficult to remove. But the greatest pest is the ant which is very destructive to the cotton plant. It is destroyed by filling its subterranean nest with the smoke of wood and sulphur by means of a species of bellows called the formiador. The caterpillar also injures the cotton crop, but is not common. The corn crop is injured by birds, monkeys and wild hogs.

These are the principal disadvantages, next to the imperfection of the means of transportation, that are found in this region, and there are some localities that are entirely or partially free from them. The inhabitants of the country do not consider them very serious objections.

(To be continued.)
From the Brazilian Reflector.
REVUE DE LA QUINZAINE.

Les plus récentes nouvelles du théâtre de la guerre, qui sont du 14 Octobre dernier, n'offrent pour le moment rien d'important.

S. A. le Comte d'Eu, suivi de son corps d'armée, était prévenu à S. Estanislão dont il vient de prendre possession et qu'on dit qu'il est poursuivre sa marche sur les traces ensanglantées du fugitif Lopez, à travers forêts et marais, afin de le rélégner avec quelques compagnons d'hommes qu'il entraîne précipitamment après lui.

Les opérations de la guerre, ont été retardées jusqu'à présent par la difficulté du transport des approvisionnements; les fournisseurs se sont trouvés en présence d'obstacles qu'ils n'avaient
